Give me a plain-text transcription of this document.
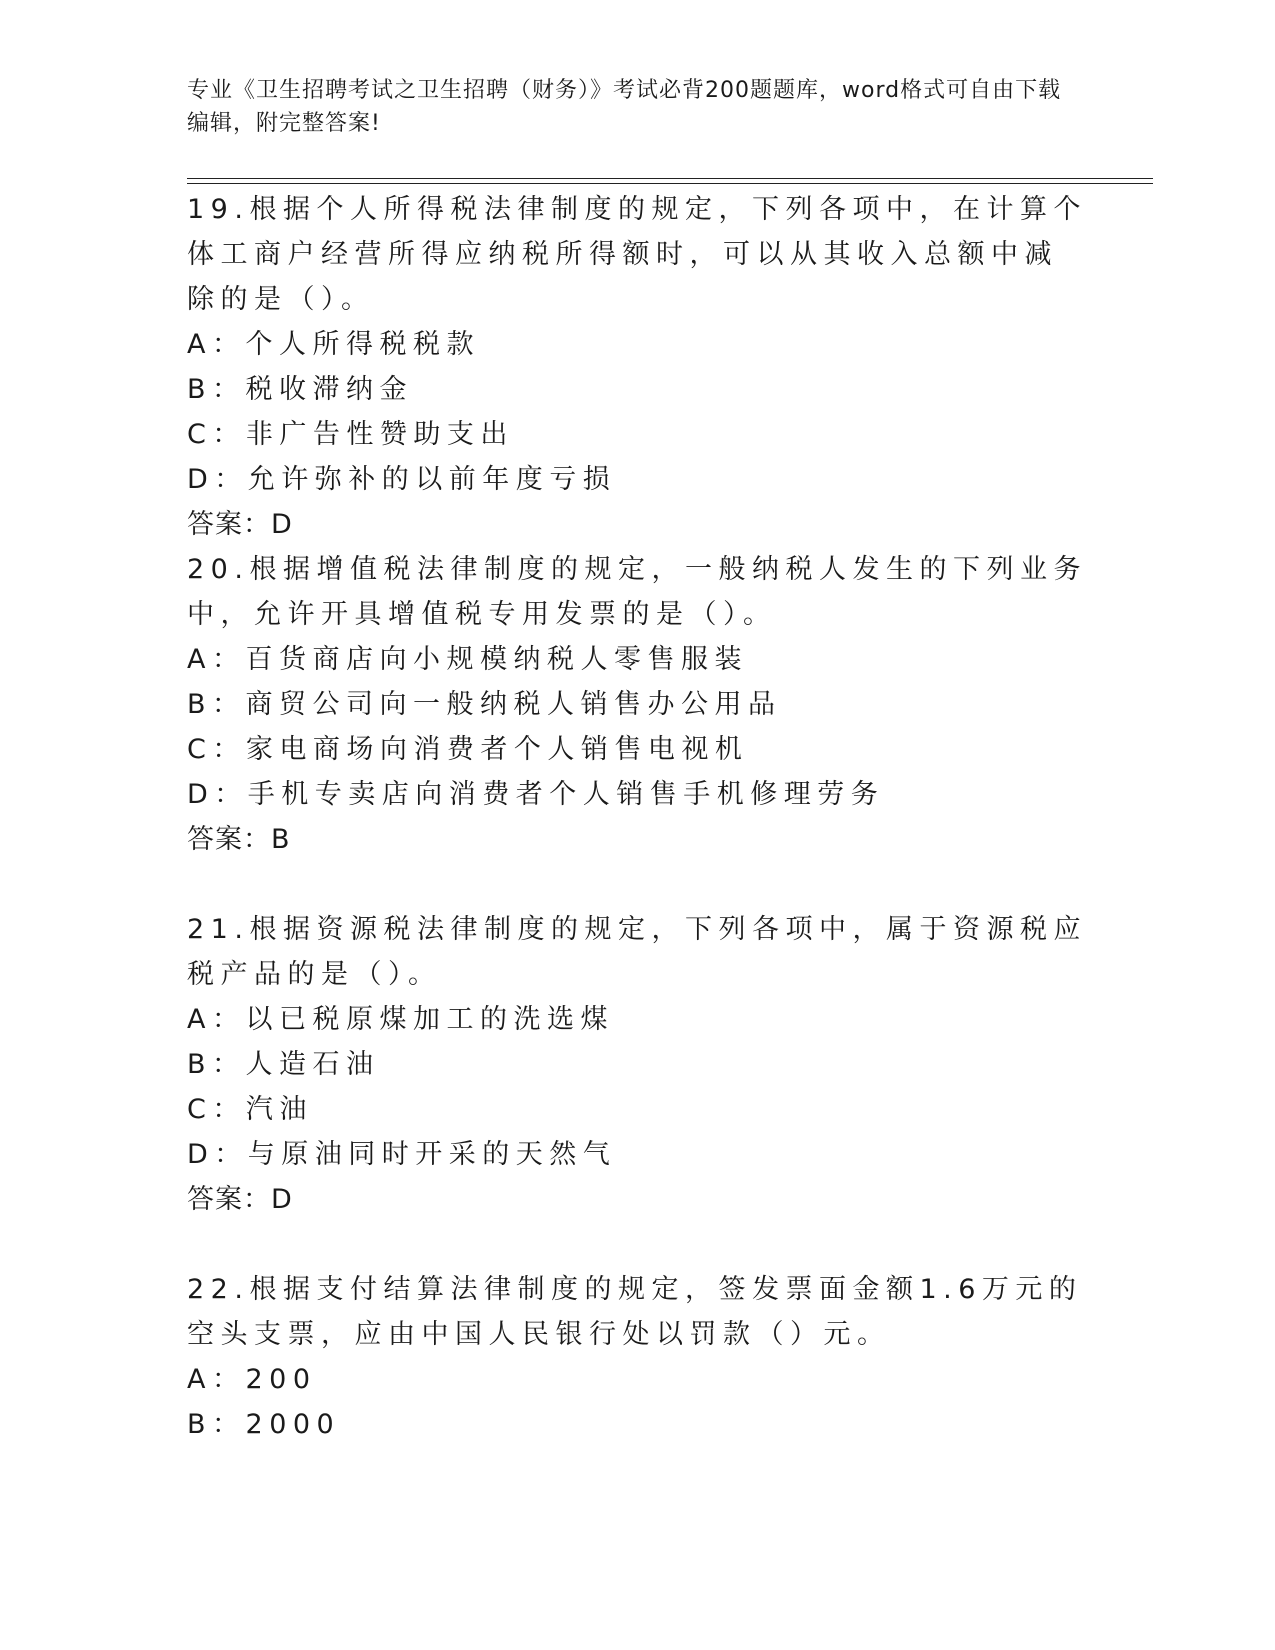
专业《卫生招聘考试之卫生招聘（财务）》考试必背200题题库，word格式可自由下载编辑，附完整答案!
19.根据个人所得税法律制度的规定，下列各项中，在计算个体工商户经营所得应纳税所得额时，可以从其收入总额中减除的是（）。
A：个人所得税税款
B：税收滞纳金
C：非广告性赞助支出
D：允许弥补的以前年度亏损
答案：D
20.根据增值税法律制度的规定，一般纳税人发生的下列业务中，允许开具增值税专用发票的是（）。
A：百货商店向小规模纳税人零售服装
B：商贸公司向一般纳税人销售办公用品
C：家电商场向消费者个人销售电视机
D：手机专卖店向消费者个人销售手机修理劳务
答案：B
21.根据资源税法律制度的规定，下列各项中，属于资源税应税产品的是（）。
A：以已税原煤加工的洗选煤
B：人造石油
C：汽油
D：与原油同时开采的天然气
答案：D
22.根据支付结算法律制度的规定，签发票面金额1.6万元的空头支票，应由中国人民银行处以罚款（）元。
A：200
B：2000
